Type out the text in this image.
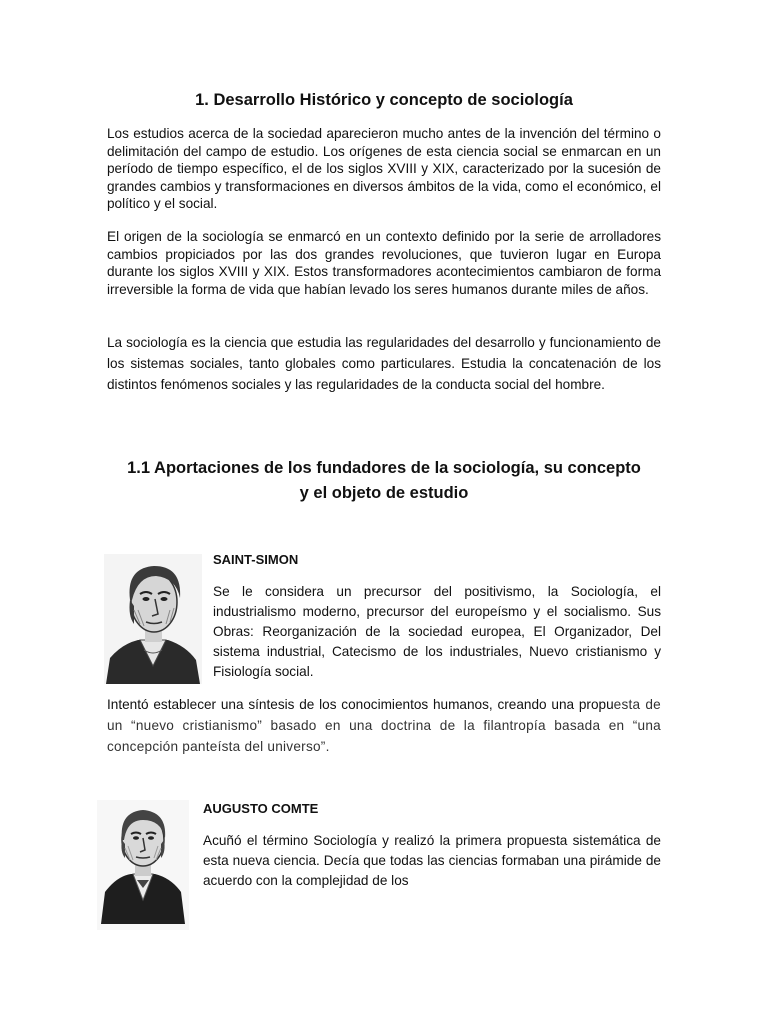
1. Desarrollo Histórico y concepto de sociología

Los estudios acerca de la sociedad aparecieron mucho antes de la invención del término o delimitación del campo de estudio. Los orígenes de esta ciencia social se enmarcan en un período de tiempo específico, el de los siglos XVIII y XIX, caracterizado por la sucesión de grandes cambios y transformaciones en diversos ámbitos de la vida, como el económico, el político y el social.

El origen de la sociología se enmarcó en un contexto definido por la serie de arrolladores cambios propiciados por las dos grandes revoluciones, que tuvieron lugar en Europa durante los siglos XVIII y XIX. Estos transformadores acontecimientos cambiaron de forma irreversible la forma de vida que habían levado los seres humanos durante miles de años.

La sociología es la ciencia que estudia las regularidades del desarrollo y funcionamiento de los sistemas sociales, tanto globales como particulares. Estudia la concatenación de los distintos fenómenos sociales y las regularidades de la conducta social del hombre.

1.1 Aportaciones de los fundadores de la sociología, su concepto
y el objeto de estudio

SAINT-SIMON

Se le considera un precursor del positivismo, la Sociología, el industrialismo moderno, precursor del europeísmo y el socialismo. Sus Obras: Reorganización de la sociedad europea, El Organizador, Del sistema industrial, Catecismo de los industriales, Nuevo cristianismo y Fisiología social.

Intentó establecer una síntesis de los conocimientos humanos, creando una propuesta de un “nuevo cristianismo” basado en una doctrina de la filantropía basada en “una concepción panteísta del universo”.

AUGUSTO COMTE

Acuñó el término Sociología y realizó la primera propuesta sistemática de esta nueva ciencia. Decía que todas las ciencias formaban una pirámide de acuerdo con la complejidad de los
